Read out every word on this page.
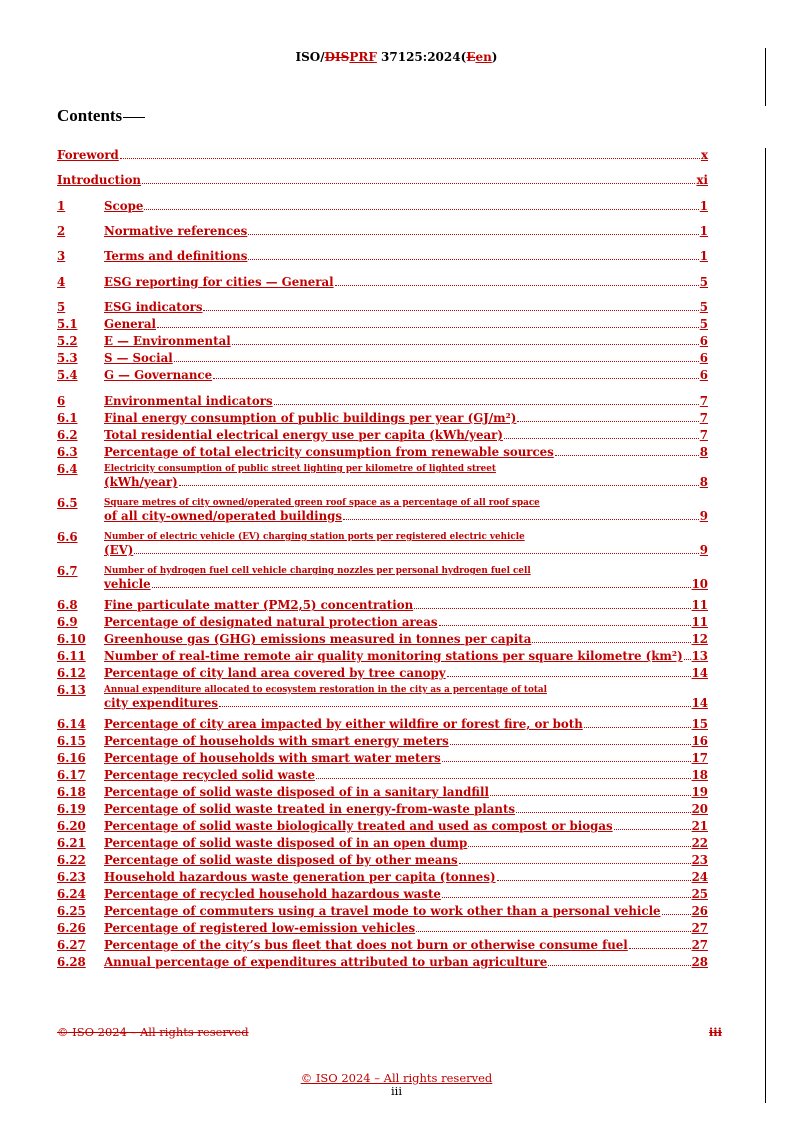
ISO/DISPRF 37125:2024(Een)
Contents
Foreword	x
Introduction	xi
1	Scope	1
2	Normative references	1
3	Terms and definitions	1
4	ESG reporting for cities — General	5
5	ESG indicators	5
5.1 General	5
5.2 E — Environmental	6
5.3 S — Social	6
5.4 G — Governance	6
6	Environmental indicators	7
6.1 Final energy consumption of public buildings per year (GJ/m²)	7
6.2 Total residential electrical energy use per capita (kWh/year)	7
6.3 Percentage of total electricity consumption from renewable sources	8
6.4	Electricity consumption of public street lighting per kilometre of lighted street
(kWh/year)	8
6.5	Square metres of city owned/operated green roof space as a percentage of all roof space
of all city-owned/operated buildings	9
6.6	Number of electric vehicle (EV) charging station ports per registered electric vehicle
(EV)	9
6.7	Number of hydrogen fuel cell vehicle charging nozzles per personal hydrogen fuel cell
vehicle	10
6.8 Fine particulate matter (PM2,5) concentration	11
6.9 Percentage of designated natural protection areas	11
6.10 Greenhouse gas (GHG) emissions measured in tonnes per capita	12
6.11 Number of real-time remote air quality monitoring stations per square kilometre (km²) 13
6.12 Percentage of city land area covered by tree canopy	14
6.13 Annual expenditure allocated to ecosystem restoration in the city as a percentage of total
city expenditures	14
6.14 Percentage of city area impacted by either wildfire or forest fire, or both	15
6.15 Percentage of households with smart energy meters	16
6.16 Percentage of households with smart water meters	17
6.17 Percentage recycled solid waste	18
6.18 Percentage of solid waste disposed of in a sanitary landfill	19
6.19 Percentage of solid waste treated in energy-from-waste plants	20
6.20 Percentage of solid waste biologically treated and used as compost or biogas	21
6.21 Percentage of solid waste disposed of in an open dump	22
6.22 Percentage of solid waste disposed of by other means	23
6.23 Household hazardous waste generation per capita (tonnes)	24
6.24 Percentage of recycled household hazardous waste	25
6.25 Percentage of commuters using a travel mode to work other than a personal vehicle	26
6.26 Percentage of registered low-emission vehicles	27
6.27 Percentage of the city’s bus fleet that does not burn or otherwise consume fuel	27
6.28 Annual percentage of expenditures attributed to urban agriculture	28
© ISO 2024 – All rights reserved	iii
© ISO 2024 – All rights reserved
iii
